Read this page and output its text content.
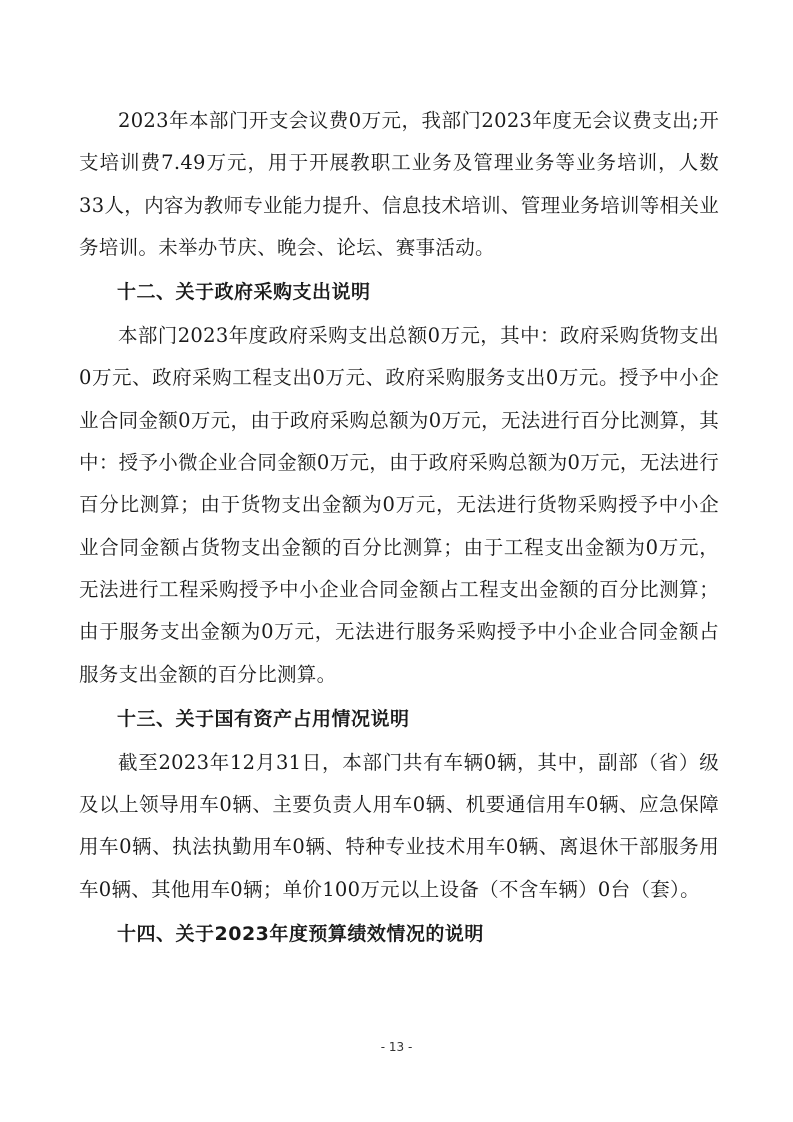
2023年本部门开支会议费0万元，我部门2023年度无会议费支出;开支培训费7.49万元，用于开展教职工业务及管理业务等业务培训，人数33人，内容为教师专业能力提升、信息技术培训、管理业务培训等相关业务培训。未举办节庆、晚会、论坛、赛事活动。

十二、关于政府采购支出说明

本部门2023年度政府采购支出总额0万元，其中：政府采购货物支出0万元、政府采购工程支出0万元、政府采购服务支出0万元。授予中小企业合同金额0万元，由于政府采购总额为0万元，无法进行百分比测算，其中：授予小微企业合同金额0万元，由于政府采购总额为0万元，无法进行百分比测算；由于货物支出金额为0万元，无法进行货物采购授予中小企业合同金额占货物支出金额的百分比测算；由于工程支出金额为0万元，无法进行工程采购授予中小企业合同金额占工程支出金额的百分比测算；由于服务支出金额为0万元，无法进行服务采购授予中小企业合同金额占服务支出金额的百分比测算。

十三、关于国有资产占用情况说明

截至2023年12月31日，本部门共有车辆0辆，其中，副部（省）级及以上领导用车0辆、主要负责人用车0辆、机要通信用车0辆、应急保障用车0辆、执法执勤用车0辆、特种专业技术用车0辆、离退休干部服务用车0辆、其他用车0辆；单价100万元以上设备（不含车辆）0台（套）。

十四、关于2023年度预算绩效情况的说明
- 13 -
